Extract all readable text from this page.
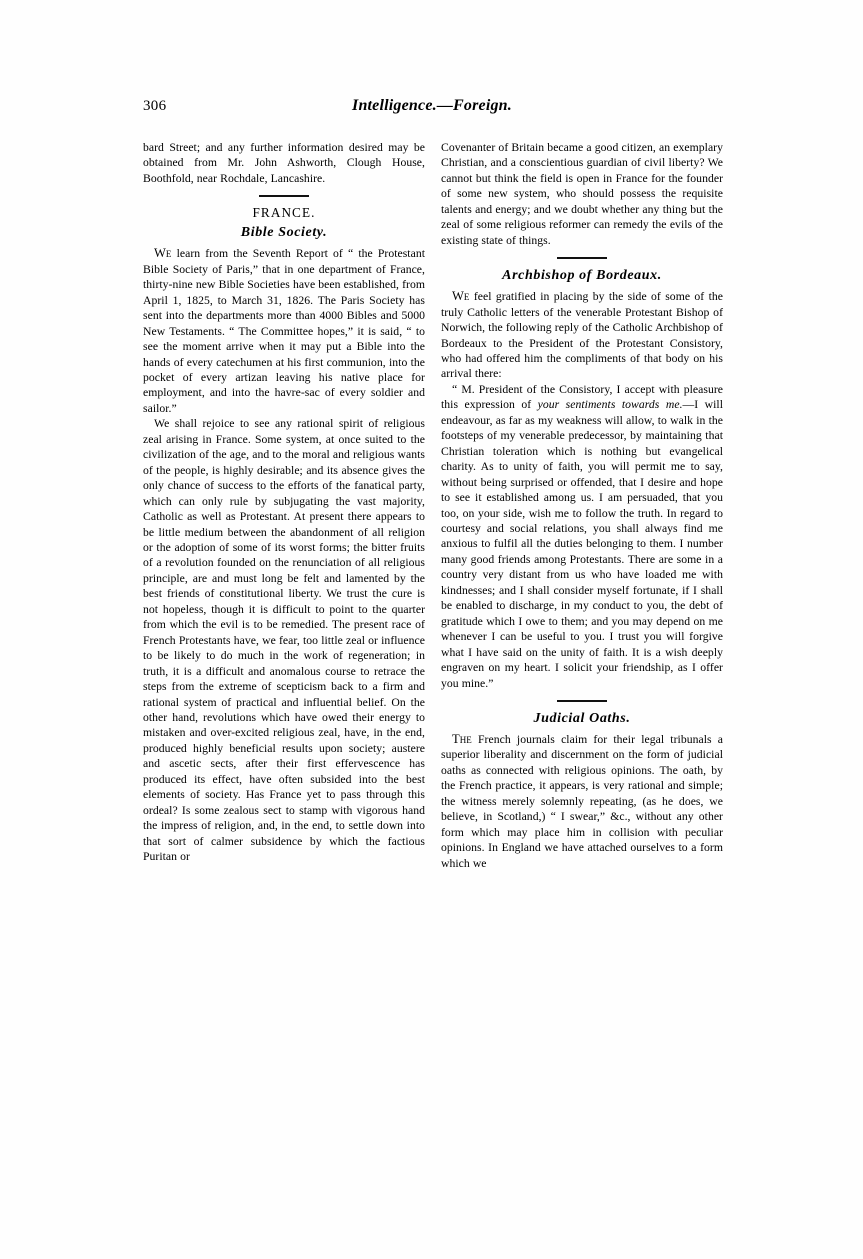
306	Intelligence.—Foreign.

bard Street; and any further information desired may be obtained from Mr. John Ashworth, Clough House, Boothfold, near Rochdale, Lancashire.

FRANCE.
Bible Society.

We learn from the Seventh Report of “ the Protestant Bible Society of Paris,” that in one department of France, thirty-nine new Bible Societies have been established, from April 1, 1825, to March 31, 1826. The Paris Society has sent into the departments more than 4000 Bibles and 5000 New Testaments. “ The Committee hopes,” it is said, “ to see the moment arrive when it may put a Bible into the hands of every catechumen at his first communion, into the pocket of every artizan leaving his native place for employment, and into the havre-sac of every soldier and sailor.”

We shall rejoice to see any rational spirit of religious zeal arising in France. Some system, at once suited to the civilization of the age, and to the moral and religious wants of the people, is highly desirable; and its absence gives the only chance of success to the efforts of the fanatical party, which can only rule by subjugating the vast majority, Catholic as well as Protestant. At present there appears to be little medium between the abandonment of all religion or the adoption of some of its worst forms; the bitter fruits of a revolution founded on the renunciation of all religious principle, are and must long be felt and lamented by the best friends of constitutional liberty. We trust the cure is not hopeless, though it is difficult to point to the quarter from which the evil is to be remedied. The present race of French Protestants have, we fear, too little zeal or influence to be likely to do much in the work of regeneration; in truth, it is a difficult and anomalous course to retrace the steps from the extreme of scepticism back to a firm and rational system of practical and influential belief. On the other hand, revolutions which have owed their energy to mistaken and over-excited religious zeal, have, in the end, produced highly beneficial results upon society; austere and ascetic sects, after their first effervescence has produced its effect, have often subsided into the best elements of society. Has France yet to pass through this ordeal? Is some zealous sect to stamp with vigorous hand the impress of religion, and, in the end, to settle down into that sort of calmer subsidence by which the factious Puritan or

Covenanter of Britain became a good citizen, an exemplary Christian, and a conscientious guardian of civil liberty? We cannot but think the field is open in France for the founder of some new system, who should possess the requisite talents and energy; and we doubt whether any thing but the zeal of some religious reformer can remedy the evils of the existing state of things.

Archbishop of Bordeaux.

We feel gratified in placing by the side of some of the truly Catholic letters of the venerable Protestant Bishop of Norwich, the following reply of the Catholic Archbishop of Bordeaux to the President of the Protestant Consistory, who had offered him the compliments of that body on his arrival there:

“ M. President of the Consistory, I accept with pleasure this expression of your sentiments towards me.—I will endeavour, as far as my weakness will allow, to walk in the footsteps of my venerable predecessor, by maintaining that Christian toleration which is nothing but evangelical charity. As to unity of faith, you will permit me to say, without being surprised or offended, that I desire and hope to see it established among us. I am persuaded, that you too, on your side, wish me to follow the truth. In regard to courtesy and social relations, you shall always find me anxious to fulfil all the duties belonging to them. I number many good friends among Protestants. There are some in a country very distant from us who have loaded me with kindnesses; and I shall consider myself fortunate, if I shall be enabled to discharge, in my conduct to you, the debt of gratitude which I owe to them; and you may depend on me whenever I can be useful to you. I trust you will forgive what I have said on the unity of faith. It is a wish deeply engraven on my heart. I solicit your friendship, as I offer you mine.”

Judicial Oaths.

The French journals claim for their legal tribunals a superior liberality and discernment on the form of judicial oaths as connected with religious opinions. The oath, by the French practice, it appears, is very rational and simple; the witness merely solemnly repeating, (as he does, we believe, in Scotland,) “ I swear,” &c., without any other form which may place him in collision with peculiar opinions. In England we have attached ourselves to a form which we
